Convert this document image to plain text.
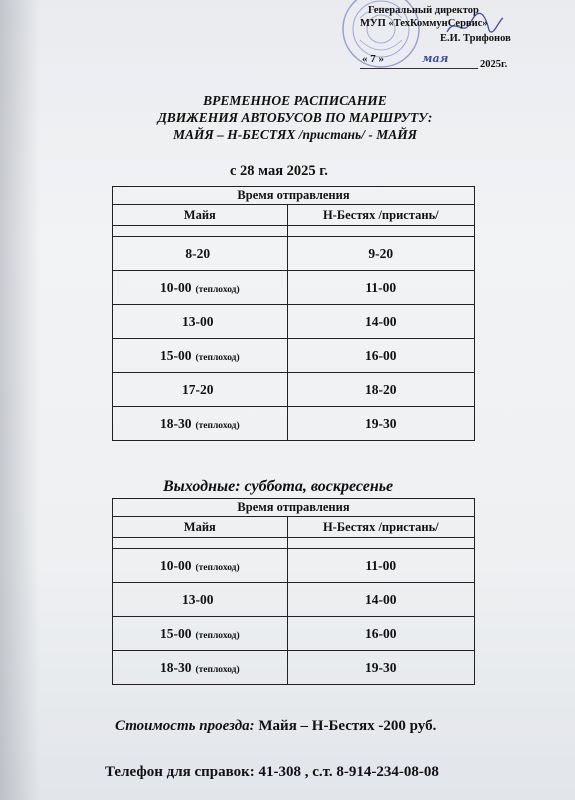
Генеральный директор
МУП «ТехКоммунСервис»
Е.И. Трифонов
« 7 »	мая	2025г.
ВРЕМЕННОЕ РАСПИСАНИЕ
ДВИЖЕНИЯ АВТОБУСОВ ПО МАРШРУТУ:
МАЙЯ – Н-БЕСТЯХ /пристань/ - МАЙЯ
с 28 мая 2025 г.
Время отправления	
Майя	Н-Бестях /пристань/

8-20	9-20
10-00 (теплоход)	11-00
13-00	14-00
15-00 (теплоход)	16-00
17-20	18-20
18-30 (теплоход)	19-30
Выходные: суббота, воскресенье
Время отправления	
Майя	Н-Бестях /пристань/

10-00 (теплоход)	11-00
13-00	14-00
15-00 (теплоход)	16-00
18-30 (теплоход)	19-30
Стоимость проезда: Майя – Н-Бестях -200 руб.
Телефон для справок: 41-308 , с.т. 8-914-234-08-08
